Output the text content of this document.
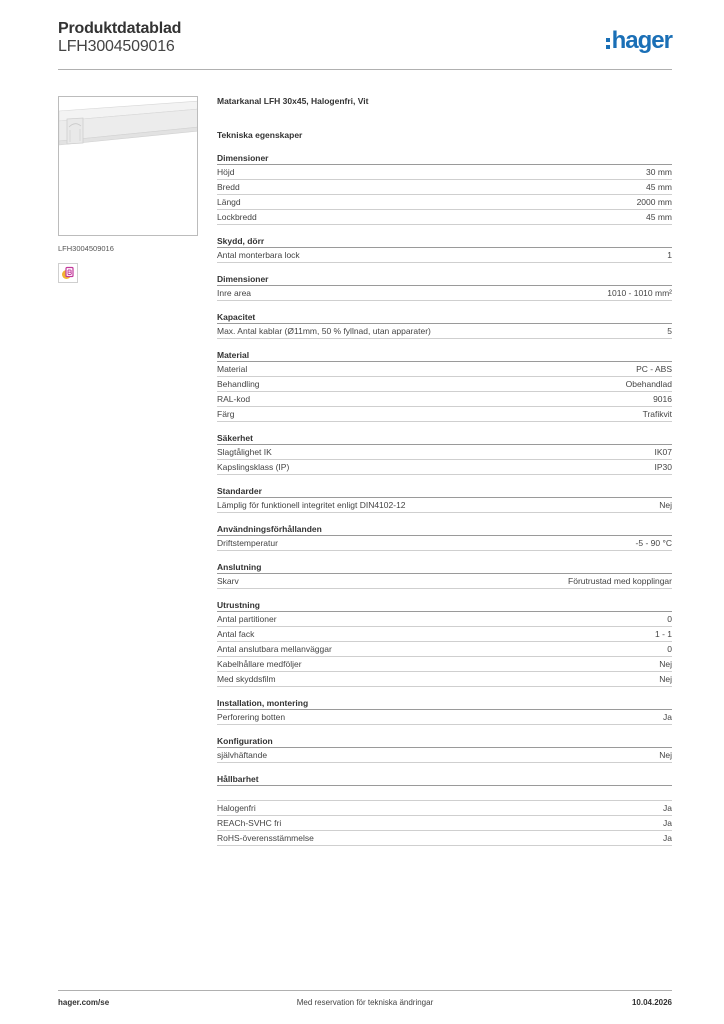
Produktdatablad
LFH3004509016	hager
LFH3004509016
Matarkanal LFH 30x45, Halogenfri, Vit
Tekniska egenskaper
Dimensioner
Höjd	30 mm
Bredd	45 mm
Längd	2000 mm
Lockbredd	45 mm
Skydd, dörr
Antal monterbara lock	1
Dimensioner
Inre area	1010 - 1010 mm²
Kapacitet
Max. Antal kablar (Ø11mm, 50 % fyllnad, utan apparater)	5
Material
Material	PC - ABS
Behandling	Obehandlad
RAL-kod	9016
Färg	Trafikvit
Säkerhet
Slagtålighet IK	IK07
Kapslingsklass (IP)	IP30
Standarder
Lämplig för funktionell integritet enligt DIN4102-12	Nej
Användningsförhållanden
Driftstemperatur	-5 - 90 °C
Anslutning
Skarv	Förutrustad med kopplingar
Utrustning
Antal partitioner	0
Antal fack	1 - 1
Antal anslutbara mellanväggar	0
Kabelhållare medföljer	Nej
Med skyddsfilm	Nej
Installation, montering
Perforering botten	Ja
Konfiguration
självhäftande	Nej
Hållbarhet
Halogenfri	Ja
REACh-SVHC fri	Ja
RoHS-överensstämmelse	Ja
hager.com/se	Med reservation för tekniska ändringar	10.04.2026
